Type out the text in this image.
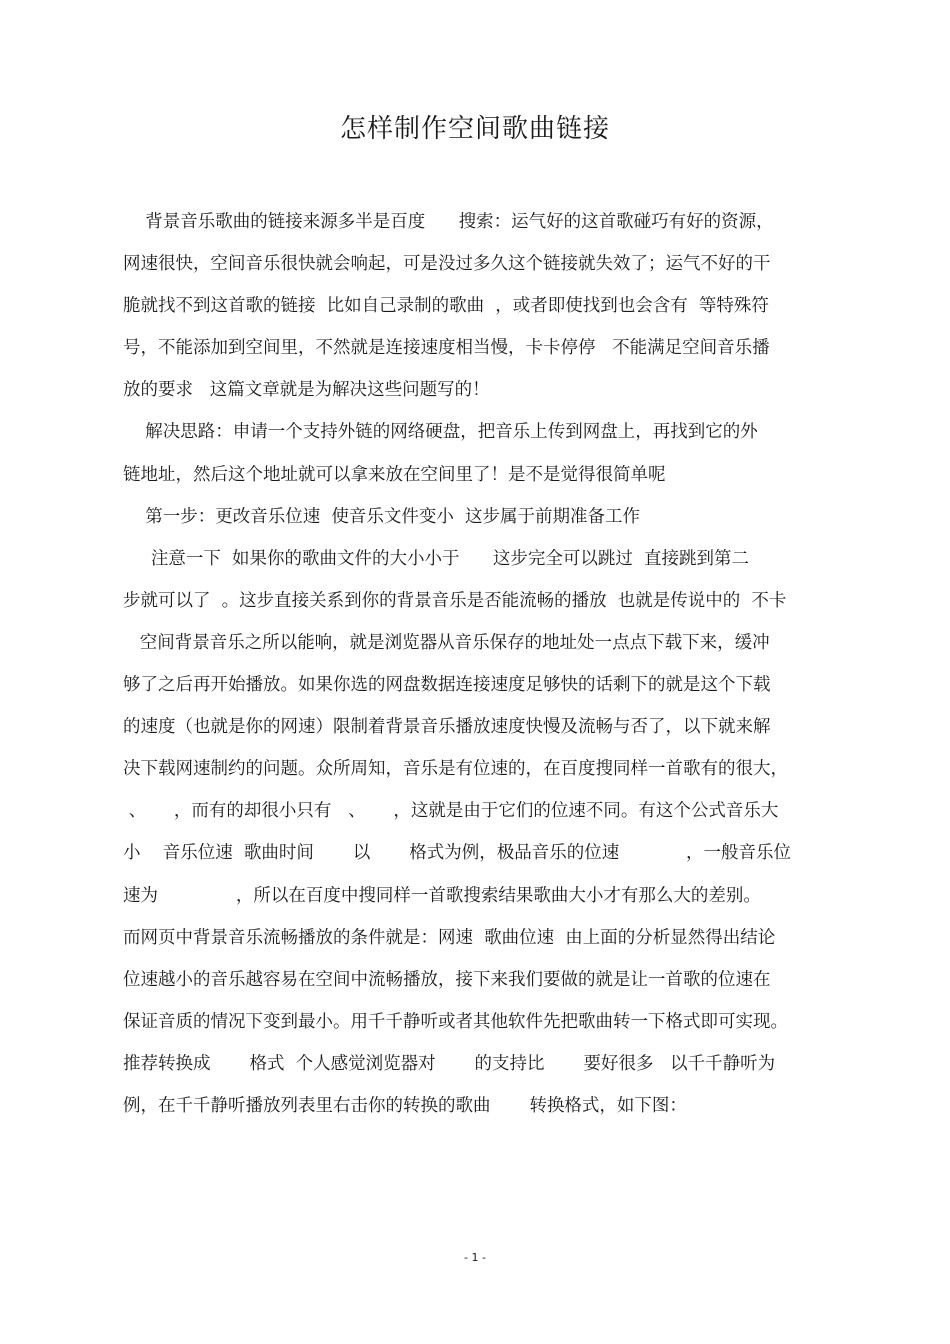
怎样制作空间歌曲链接
背景音乐歌曲的链接来源多半是百度      搜索：运气好的这首歌碰巧有好的资源，
网速很快，空间音乐很快就会响起，可是没过多久这个链接就失效了；运气不好的干
脆就找不到这首歌的链接  比如自己录制的歌曲  ，或者即使找到也会含有  等特殊符
号，不能添加到空间里，不然就是连接速度相当慢，卡卡停停   不能满足空间音乐播
放的要求   这篇文章就是为解决这些问题写的！
解决思路：申请一个支持外链的网络硬盘，把音乐上传到网盘上，再找到它的外
链地址，然后这个地址就可以拿来放在空间里了！是不是觉得很简单呢
第一步：更改音乐位速  使音乐文件变小  这步属于前期准备工作
注意一下  如果你的歌曲文件的大小小于      这步完全可以跳过  直接跳到第二
步就可以了  。这步直接关系到你的背景音乐是否能流畅的播放  也就是传说中的  不卡
空间背景音乐之所以能响，就是浏览器从音乐保存的地址处一点点下载下来，缓冲
够了之后再开始播放。如果你选的网盘数据连接速度足够快的话剩下的就是这个下载
的速度（也就是你的网速）限制着背景音乐播放速度快慢及流畅与否了，以下就来解
决下载网速制约的问题。众所周知，音乐是有位速的，在百度搜同样一首歌有的很大，
、     ，而有的却很小只有   、     ，这就是由于它们的位速不同。有这个公式音乐大
小    音乐位速  歌曲时间       以       格式为例，极品音乐的位速            ，一般音乐位
速为              ，所以在百度中搜同样一首歌搜索结果歌曲大小才有那么大的差别。
而网页中背景音乐流畅播放的条件就是：网速  歌曲位速  由上面的分析显然得出结论
位速越小的音乐越容易在空间中流畅播放，接下来我们要做的就是让一首歌的位速在
保证音质的情况下变到最小。用千千静听或者其他软件先把歌曲转一下格式即可实现。
推荐转换成       格式  个人感觉浏览器对       的支持比       要好很多   以千千静听为
例，在千千静听播放列表里右击你的转换的歌曲       转换格式，如下图：
- 1 -
